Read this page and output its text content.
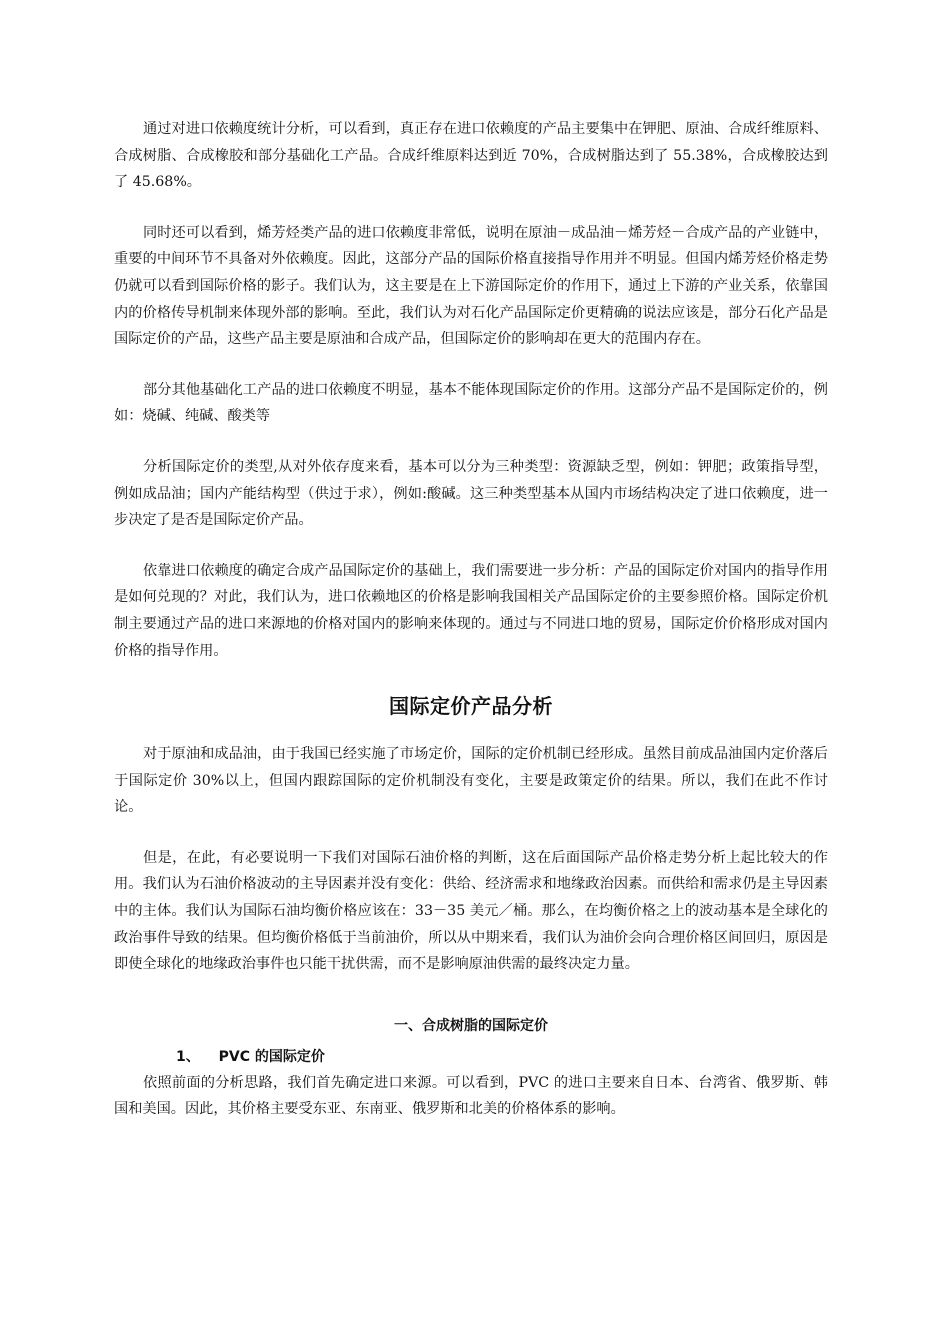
通过对进口依赖度统计分析，可以看到，真正存在进口依赖度的产品主要集中在钾肥、原油、合成纤维原料、合成树脂、合成橡胶和部分基础化工产品。合成纤维原料达到近 70%，合成树脂达到了 55.38%，合成橡胶达到了 45.68%。

同时还可以看到，烯芳烃类产品的进口依赖度非常低，说明在原油－成品油－烯芳烃－合成产品的产业链中，重要的中间环节不具备对外依赖度。因此，这部分产品的国际价格直接指导作用并不明显。但国内烯芳烃价格走势仍就可以看到国际价格的影子。我们认为，这主要是在上下游国际定价的作用下，通过上下游的产业关系，依靠国内的价格传导机制来体现外部的影响。至此，我们认为对石化产品国际定价更精确的说法应该是，部分石化产品是国际定价的产品，这些产品主要是原油和合成产品，但国际定价的影响却在更大的范围内存在。

部分其他基础化工产品的进口依赖度不明显，基本不能体现国际定价的作用。这部分产品不是国际定价的，例如：烧碱、纯碱、酸类等

分析国际定价的类型,从对外依存度来看，基本可以分为三种类型：资源缺乏型，例如：钾肥；政策指导型，例如成品油；国内产能结构型（供过于求），例如:酸碱。这三种类型基本从国内市场结构决定了进口依赖度，进一步决定了是否是国际定价产品。

依靠进口依赖度的确定合成产品国际定价的基础上，我们需要进一步分析：产品的国际定价对国内的指导作用是如何兑现的？对此，我们认为，进口依赖地区的价格是影响我国相关产品国际定价的主要参照价格。国际定价机制主要通过产品的进口来源地的价格对国内的影响来体现的。通过与不同进口地的贸易，国际定价价格形成对国内价格的指导作用。

国际定价产品分析

对于原油和成品油，由于我国已经实施了市场定价，国际的定价机制已经形成。虽然目前成品油国内定价落后于国际定价 30%以上，但国内跟踪国际的定价机制没有变化，主要是政策定价的结果。所以，我们在此不作讨论。

但是，在此，有必要说明一下我们对国际石油价格的判断，这在后面国际产品价格走势分析上起比较大的作用。我们认为石油价格波动的主导因素并没有变化：供给、经济需求和地缘政治因素。而供给和需求仍是主导因素中的主体。我们认为国际石油均衡价格应该在：33－35 美元／桶。那么，在均衡价格之上的波动基本是全球化的政治事件导致的结果。但均衡价格低于当前油价，所以从中期来看，我们认为油价会向合理价格区间回归，原因是即使全球化的地缘政治事件也只能干扰供需，而不是影响原油供需的最终决定力量。

一、合成树脂的国际定价
1、 PVC 的国际定价

依照前面的分析思路，我们首先确定进口来源。可以看到，PVC 的进口主要来自日本、台湾省、俄罗斯、韩国和美国。因此，其价格主要受东亚、东南亚、俄罗斯和北美的价格体系的影响。
